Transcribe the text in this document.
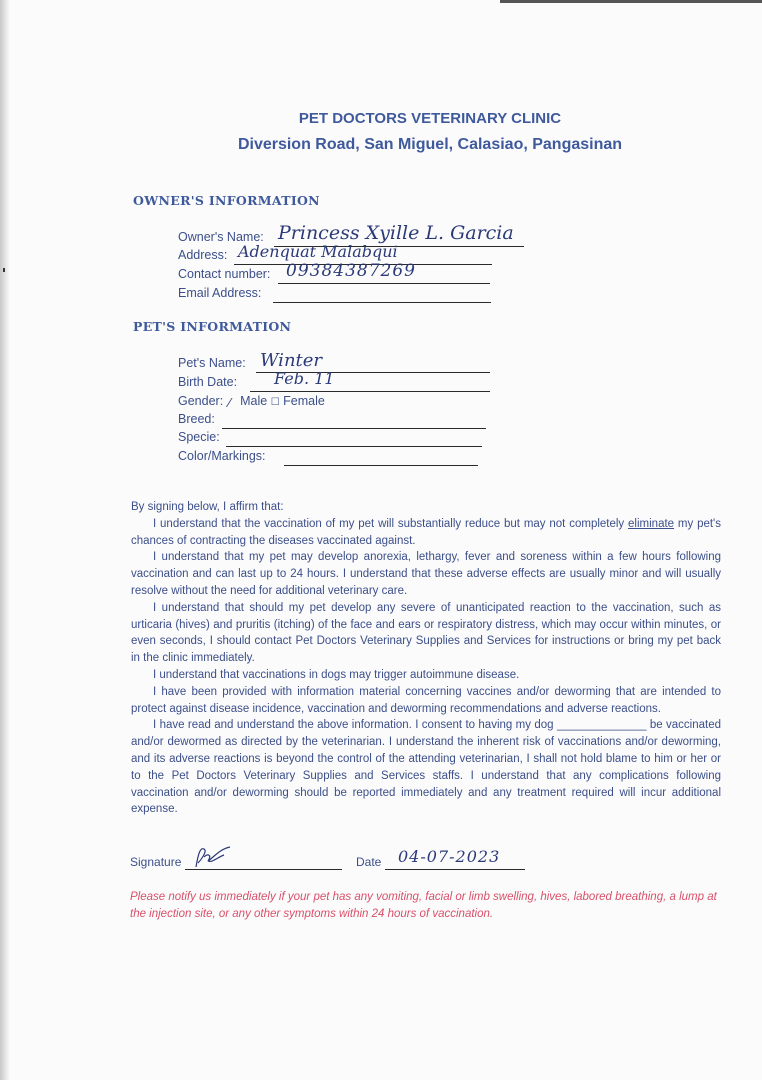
PET DOCTORS VETERINARY CLINIC
Diversion Road, San Miguel, Calasiao, Pangasinan
OWNER'S INFORMATION
Owner's Name: Princess Xyille L. Garcia
Address: Adenquat Malabqui
Contact number: 09384387269
Email Address:
PET'S INFORMATION
Pet's Name: Winter
Birth Date: Feb. 11
Gender: ⁄ Male ☐ Female
Breed:
Specie:
Color/Markings:

By signing below, I affirm that:

I understand that the vaccination of my pet will substantially reduce but may not completely eliminate my pet's chances of contracting the diseases vaccinated against.

I understand that my pet may develop anorexia, lethargy, fever and soreness within a few hours following vaccination and can last up to 24 hours. I understand that these adverse effects are usually minor and will usually resolve without the need for additional veterinary care.

I understand that should my pet develop any severe of unanticipated reaction to the vaccination, such as urticaria (hives) and pruritis (itching) of the face and ears or respiratory distress, which may occur within minutes, or even seconds, I should contact Pet Doctors Veterinary Supplies and Services for instructions or bring my pet back in the clinic immediately.

I understand that vaccinations in dogs may trigger autoimmune disease.

I have been provided with information material concerning vaccines and/or deworming that are intended to protect against disease incidence, vaccination and deworming recommendations and adverse reactions.

I have read and understand the above information. I consent to having my dog ______________ be vaccinated and/or dewormed as directed by the veterinarian. I understand the inherent risk of vaccinations and/or deworming, and its adverse reactions is beyond the control of the attending veterinarian, I shall not hold blame to him or her or to the Pet Doctors Veterinary Supplies and Services staffs. I understand that any complications following vaccination and/or deworming should be reported immediately and any treatment required will incur additional expense.

Signature	Date 04-07-2023
Please notify us immediately if your pet has any vomiting, facial or limb swelling, hives, labored breathing, a lump at the injection site, or any other symptoms within 24 hours of vaccination.
